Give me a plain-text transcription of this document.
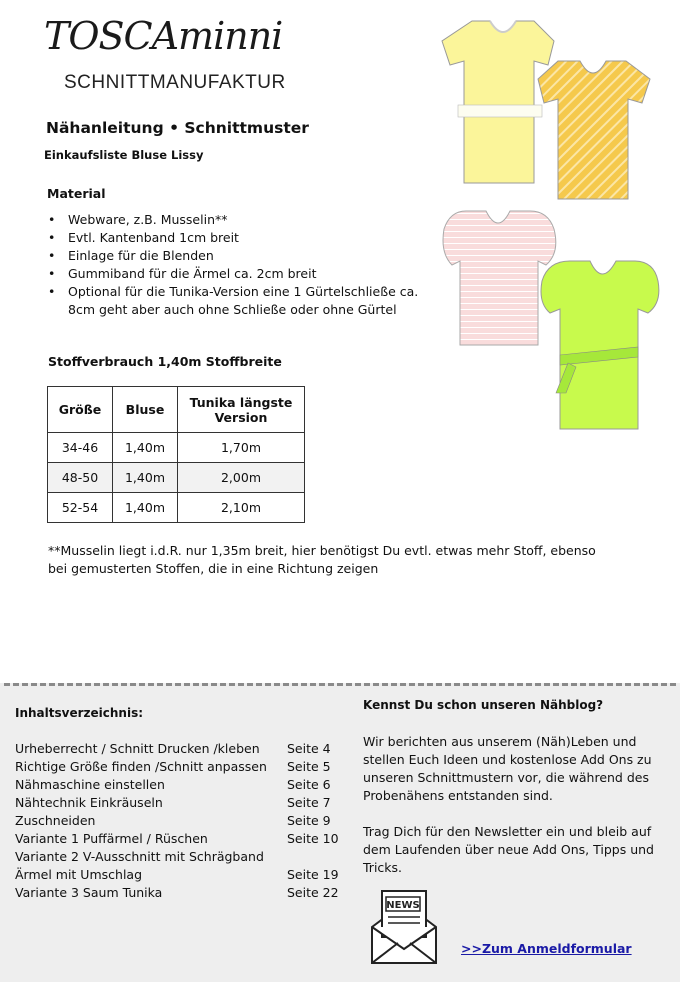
TOSCAminni
SCHNITTMANUFAKTUR
Nähanleitung • Schnittmuster
Einkaufsliste Bluse Lissy
Material
• Webware, z.B. Musselin**
• Evtl. Kantenband 1cm breit
• Einlage für die Blenden
• Gummiband für die Ärmel ca. 2cm breit
• Optional für die Tunika-Version eine 1 Gürtelschließe ca. 8cm geht aber auch ohne Schließe oder ohne Gürtel
Stoffverbrauch 1,40m Stoffbreite
Größe	Bluse	Tunika längste Version
34-46	1,40m	1,70m
48-50	1,40m	2,00m
52-54	1,40m	2,10m
**Musselin liegt i.d.R. nur 1,35m breit, hier benötigst Du evtl. etwas mehr Stoff, ebenso bei gemusterten Stoffen, die in eine Richtung zeigen
Inhaltsverzeichnis:
Urheberrecht / Schnitt Drucken /kleben Seite 4
Richtige Größe finden /Schnitt anpassen Seite 5
Nähmaschine einstellen	Seite 6
Nähtechnik Einkräuseln	Seite 7
Zuschneiden	Seite 9
Variante 1 Puffärmel / Rüschen	Seite 10
Variante 2 V-Ausschnitt mit Schrägband
Ärmel mit Umschlag	Seite 19
Variante 3 Saum Tunika	Seite 22
Kennst Du schon unseren Nähblog?
Wir berichten aus unserem (Näh)Leben und stellen Euch Ideen und kostenlose Add Ons zu unseren Schnittmustern vor, die während des Probenähens entstanden sind.
Trag Dich für den Newsletter ein und bleib auf dem Laufenden über neue Add Ons, Tipps und Tricks.
NEWS
>>Zum Anmeldformular
